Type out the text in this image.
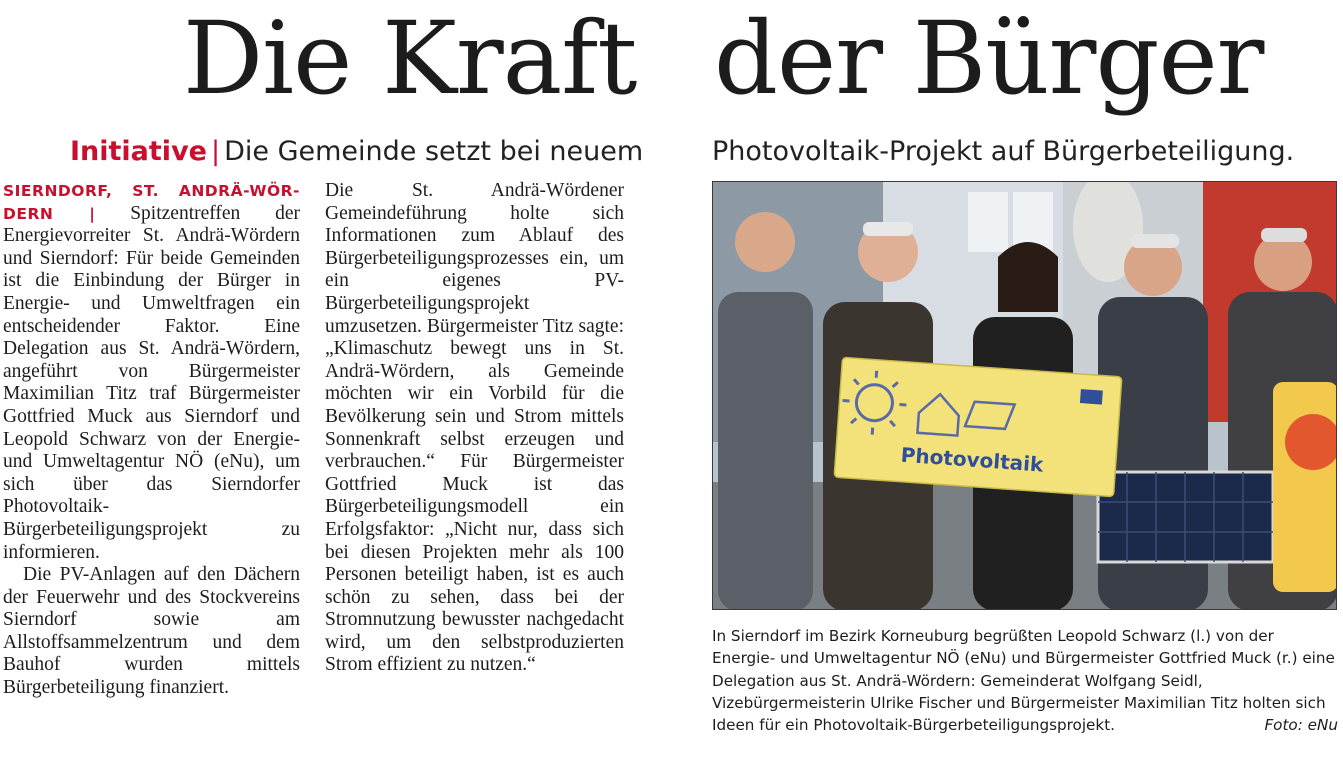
Die Kraft der Bürger
Initiative | Die Gemeinde setzt bei neuem	Photovoltaik-Projekt auf Bürgerbeteiligung.

SIERNDORF, ST. ANDRÄ-WÖR-DERN | Spitzentreffen der Energievorreiter St. Andrä-Wördern und Sierndorf: Für beide Gemeinden ist die Einbindung der Bürger in Energie- und Umweltfragen ein entscheidender Faktor. Eine Delegation aus St. Andrä-Wördern, angeführt von Bürgermeister Maximilian Titz traf Bürgermeister Gottfried Muck aus Sierndorf und Leopold Schwarz von der Energie- und Umweltagentur NÖ (eNu), um sich über das Sierndorfer Photovoltaik-Bürgerbeteiligungsprojekt zu informieren.

Die PV-Anlagen auf den Dächern der Feuerwehr und des Stockvereins Sierndorf sowie am Allstoffsammelzentrum und dem Bauhof wurden mittels Bürgerbeteiligung finanziert.

Die St. Andrä-Wördener Gemeindeführung holte sich Informationen zum Ablauf des Bürgerbeteiligungsprozesses ein, um ein eigenes PV-Bürgerbeteiligungsprojekt umzusetzen. Bürgermeister Titz sagte: „Klimaschutz bewegt uns in St. Andrä-Wördern, als Gemeinde möchten wir ein Vorbild für die Bevölkerung sein und Strom mittels Sonnenkraft selbst erzeugen und verbrauchen.“ Für Bürgermeister Gottfried Muck ist das Bürgerbeteiligungsmodell ein Erfolgsfaktor: „Nicht nur, dass sich bei diesen Projekten mehr als 100 Personen beteiligt haben, ist es auch schön zu sehen, dass bei der Stromnutzung bewusster nachgedacht wird, um den selbstproduzierten Strom effizient zu nutzen.“

Photovoltaik
In Sierndorf im Bezirk Korneuburg begrüßten Leopold Schwarz (l.) von der Energie- und Umweltagentur NÖ (eNu) und Bürgermeister Gottfried Muck (r.) eine Delegation aus St. Andrä-Wördern: Gemeinderat Wolfgang Seidl, Vizebürgermeisterin Ulrike Fischer und Bürgermeister Maximilian Titz holten sich Ideen für ein Photovoltaik-Bürgerbeteiligungsprojekt.	Foto: eNu
